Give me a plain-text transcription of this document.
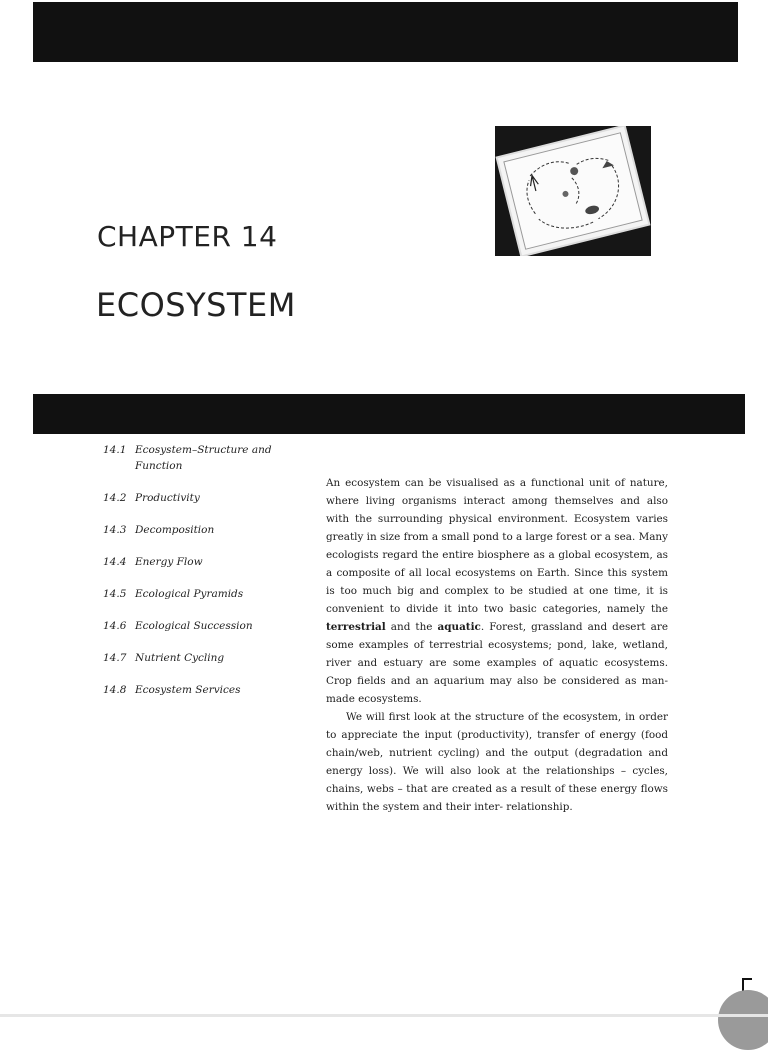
CHAPTER 14
ECOSYSTEM
14.1 Ecosystem–Structure and Function
14.2 Productivity
14.3 Decomposition
14.4 Energy Flow
14.5 Ecological Pyramids
14.6 Ecological Succession
14.7 Nutrient Cycling
14.8 Ecosystem Services

An ecosystem can be visualised as a functional unit of nature, where living organisms interact among themselves and also with the surrounding physical environment. Ecosystem varies greatly in size from a small pond to a large forest or a sea. Many ecologists regard the entire biosphere as a global ecosystem, as a composite of all local ecosystems on Earth. Since this system is too much big and complex to be studied at one time, it is convenient to divide it into two basic categories, namely the terrestrial and the aquatic. Forest, grassland and desert are some examples of terrestrial ecosystems; pond, lake, wetland, river and estuary are some examples of aquatic ecosystems. Crop fields and an aquarium may also be considered as man-made ecosystems.

We will first look at the structure of the ecosystem, in order to appreciate the input (productivity), transfer of energy (food chain/web, nutrient cycling) and the output (degradation and energy loss). We will also look at the relationships – cycles, chains, webs – that are created as a result of these energy flows within the system and their inter- relationship.
